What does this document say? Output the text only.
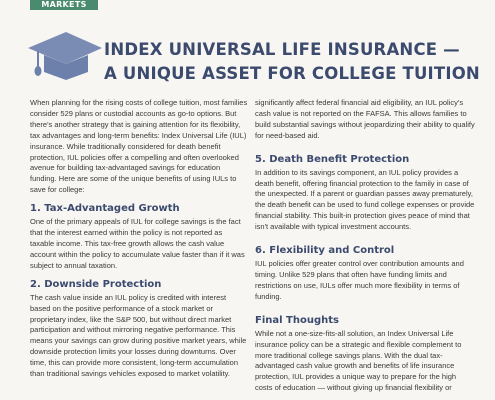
MARKETS
INDEX UNIVERSAL LIFE INSURANCE —
A UNIQUE ASSET FOR COLLEGE TUITION

When planning for the rising costs of college tuition, most families consider 529 plans or custodial accounts as go-to options. But there's another strategy that is gaining attention for its flexibility, tax advantages and long-term benefits: Index Universal Life (IUL) insurance. While traditionally considered for death benefit protection, IUL policies offer a compelling and often overlooked avenue for building tax-advantaged savings for education funding. Here are some of the unique benefits of using IULs to save for college:

1. Tax-Advantaged Growth

One of the primary appeals of IUL for college savings is the fact that the interest earned within the policy is not reported as taxable income. This tax-free growth allows the cash value account within the policy to accumulate value faster than if it was subject to annual taxation.

2. Downside Protection

The cash value inside an IUL policy is credited with interest based on the positive performance of a stock market or proprietary index, like the S&P 500, but without direct market participation and without mirroring negative performance. This means your savings can grow during positive market years, while downside protection limits your losses during downturns. Over time, this can provide more consistent, long-term accumulation than traditional savings vehicles exposed to market volatility.

significantly affect federal financial aid eligibility, an IUL policy's cash value is not reported on the FAFSA. This allows families to build substantial savings without jeopardizing their ability to qualify for need-based aid.

5. Death Benefit Protection

In addition to its savings component, an IUL policy provides a death benefit, offering financial protection to the family in case of the unexpected. If a parent or guardian passes away prematurely, the death benefit can be used to fund college expenses or provide financial stability. This built-in protection gives peace of mind that isn't available with typical investment accounts.

6. Flexibility and Control

IUL policies offer greater control over contribution amounts and timing. Unlike 529 plans that often have funding limits and restrictions on use, IULs offer much more flexibility in terms of funding.

Final Thoughts

While not a one-size-fits-all solution, an Index Universal Life insurance policy can be a strategic and flexible complement to more traditional college savings plans. With the dual tax-advantaged cash value growth and benefits of life insurance protection, IUL provides a unique way to prepare for the high costs of education — without giving up financial flexibility or
